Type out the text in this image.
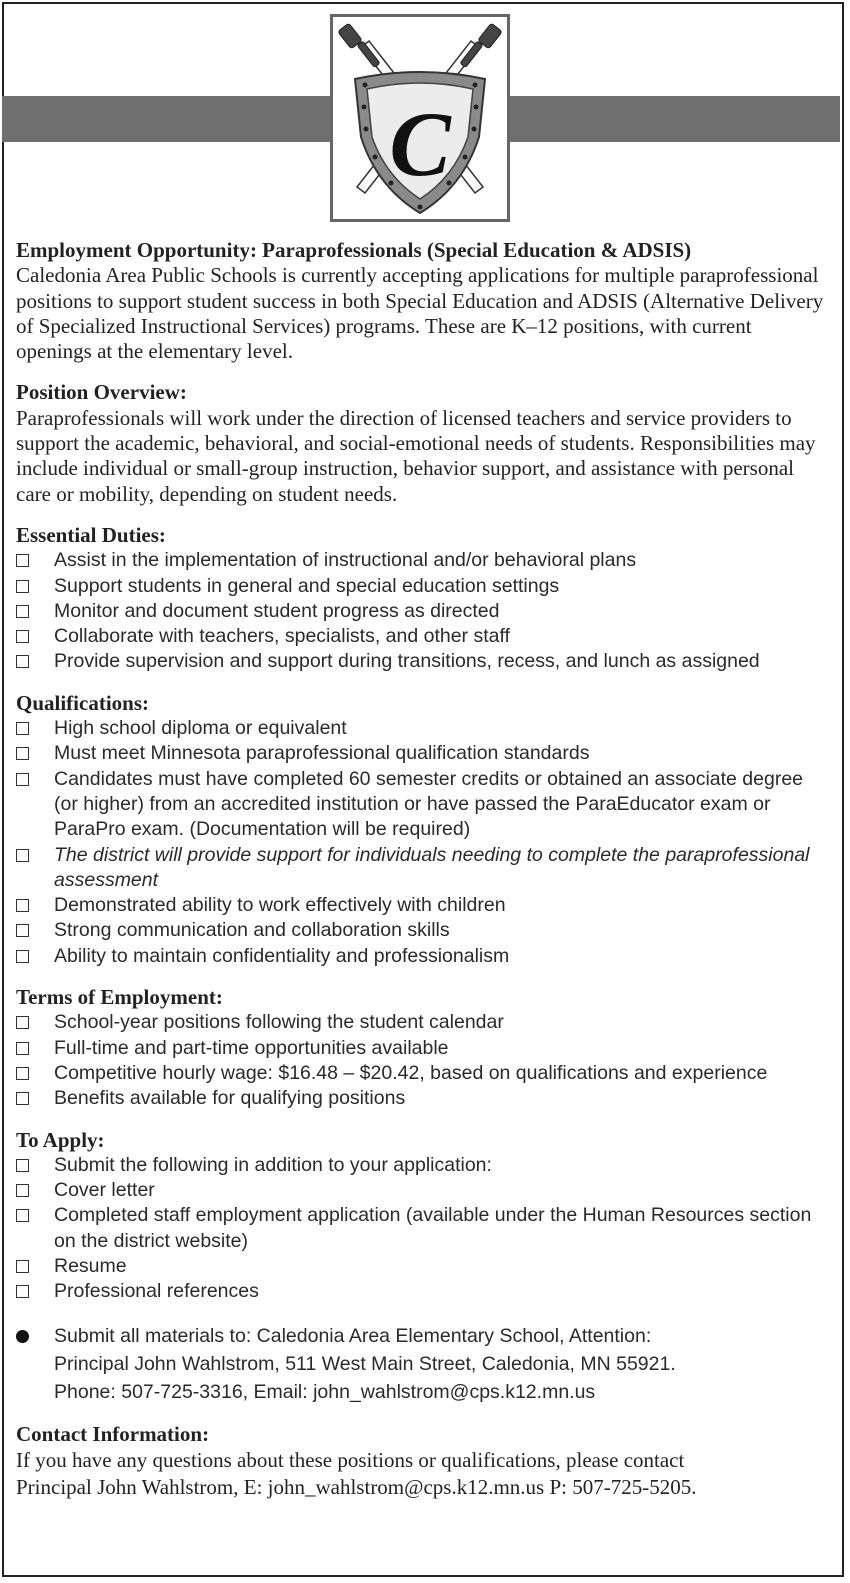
C
Employment Opportunity: Paraprofessionals (Special Education & ADSIS)

Caledonia Area Public Schools is currently accepting applications for multiple paraprofessional positions to support student success in both Special Education and ADSIS (Alternative Delivery of Specialized Instructional Services) programs. These are K–12 positions, with current openings at the elementary level.

Position Overview:

Paraprofessionals will work under the direction of licensed teachers and service providers to support the academic, behavioral, and social-emotional needs of students. Responsibilities may include individual or small-group instruction, behavior support, and assistance with personal care or mobility, depending on student needs.

Essential Duties:
Assist in the implementation of instructional and/or behavioral plans
Support students in general and special education settings
Monitor and document student progress as directed
Collaborate with teachers, specialists, and other staff
Provide supervision and support during transitions, recess, and lunch as assigned
Qualifications:
High school diploma or equivalent
Must meet Minnesota paraprofessional qualification standards
Candidates must have completed 60 semester credits or obtained an associate degree (or higher) from an accredited institution or have passed the ParaEducator exam or ParaPro exam. (Documentation will be required)
The district will provide support for individuals needing to complete the paraprofessional assessment
Demonstrated ability to work effectively with children
Strong communication and collaboration skills
Ability to maintain confidentiality and professionalism
Terms of Employment:
School-year positions following the student calendar
Full-time and part-time opportunities available
Competitive hourly wage: $16.48 – $20.42, based on qualifications and experience
Benefits available for qualifying positions
To Apply:
Submit the following in addition to your application:
Cover letter
Completed staff employment application (available under the Human Resources section on the district website)
Resume
Professional references
Submit all materials to: Caledonia Area Elementary School, Attention:
Principal John Wahlstrom, 511 West Main Street, Caledonia, MN 55921.
Phone: 507-725-3316, Email: john_wahlstrom@cps.k12.mn.us
Contact Information:

If you have any questions about these positions or qualifications, please contact

Principal John Wahlstrom, E: john_wahlstrom@cps.k12.mn.us P: 507-725-5205.
